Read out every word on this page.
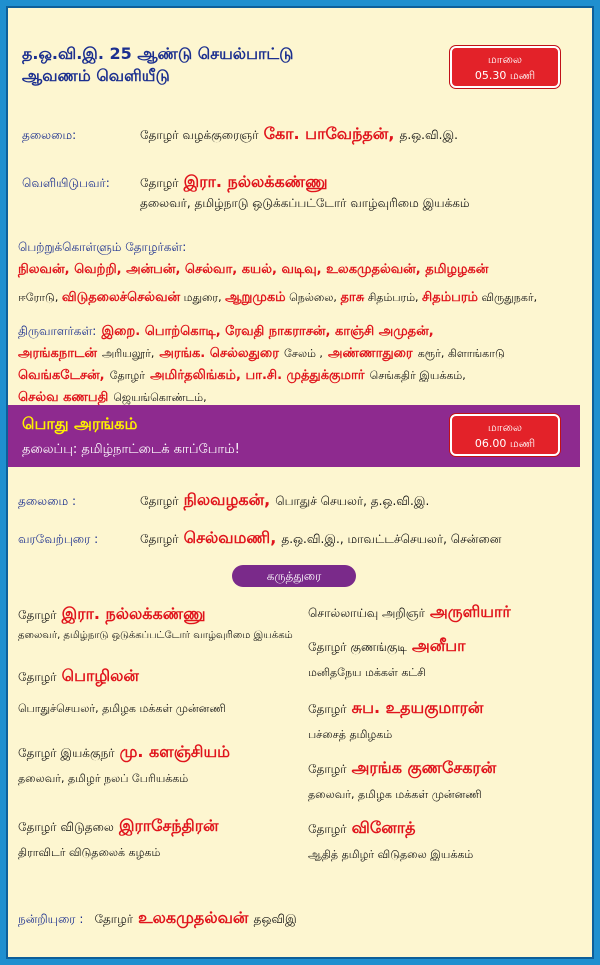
த.ஒ.வி.இ. 25 ஆண்டு செயல்பாட்டு
ஆவணம் வெளியீடு
மாலை
05.30 மணி
தலைமை:	தோழர் வழக்குரைஞர் கோ. பாவேந்தன், த.ஒ.வி.இ.
வெளியிடுபவர்:	தோழர் இரா. நல்லக்கண்ணு
தலைவர், தமிழ்நாடு ஒடுக்கப்பட்டோர் வாழ்வுரிமை இயக்கம்
பெற்றுக்கொள்ளும் தோழர்கள்:
நிலவன், வெற்றி, அன்பன், செல்வா, கயல், வடிவு, உலகமுதல்வன், தமிழழகன்
ஈரோடு, விடுதலைச்செல்வன் மதுரை, ஆறுமுகம் நெல்லை, தாசு சிதம்பரம், சிதம்பரம் விருதுநகர்,
திருவாளர்கள்: இறை. பொற்கொடி, ரேவதி நாகராசன், காஞ்சி அமுதன்,
அரங்கநாடன் அரியலூர், அரங்க. செல்லதுரை சேலம் , அண்ணாதுரை கரூர், கிளாங்காடு
வெங்கடேசன், தோழர் அமிர்தலிங்கம், பா.சி. முத்துக்குமார் செங்கதிர் இயக்கம்,
செல்வ கணபதி ஜெயங்கொண்டம்,
பொது அரங்கம்
தலைப்பு: தமிழ்நாட்டைக் காப்போம்!
மாலை
06.00 மணி
தலைமை :	தோழர் நிலவழகன், பொதுச் செயலர், த.ஒ.வி.இ.
வரவேற்புரை :	தோழர் செல்வமணி, த.ஒ.வி.இ., மாவட்டச்செயலர், சென்னை
கருத்துரை
தோழர் இரா. நல்லக்கண்ணு
தலைவர், தமிழ்நாடு ஒடுக்கப்பட்டோர் வாழ்வுரிமை இயக்கம்
தோழர் பொழிலன்
பொதுச்செயலர், தமிழக மக்கள் முன்னணி
தோழர் இயக்குநர் மு. களஞ்சியம்
தலைவர், தமிழர் நலப் பேரியக்கம்
தோழர் விடுதலை இராசேந்திரன்
திராவிடர் விடுதலைக் கழகம்
சொல்லாய்வு அறிஞர் அருளியார்
தோழர் குணங்குடி அனீபா
மனிதநேய மக்கள் கட்சி
தோழர் சுப. உதயகுமாரன்
பச்சைத் தமிழகம்
தோழர் அரங்க குணசேகரன்
தலைவர், தமிழக மக்கள் முன்னணி
தோழர் வினோத்
ஆதித் தமிழர் விடுதலை இயக்கம்
நன்றியுரை : தோழர் உலகமுதல்வன் தஒவிஇ
